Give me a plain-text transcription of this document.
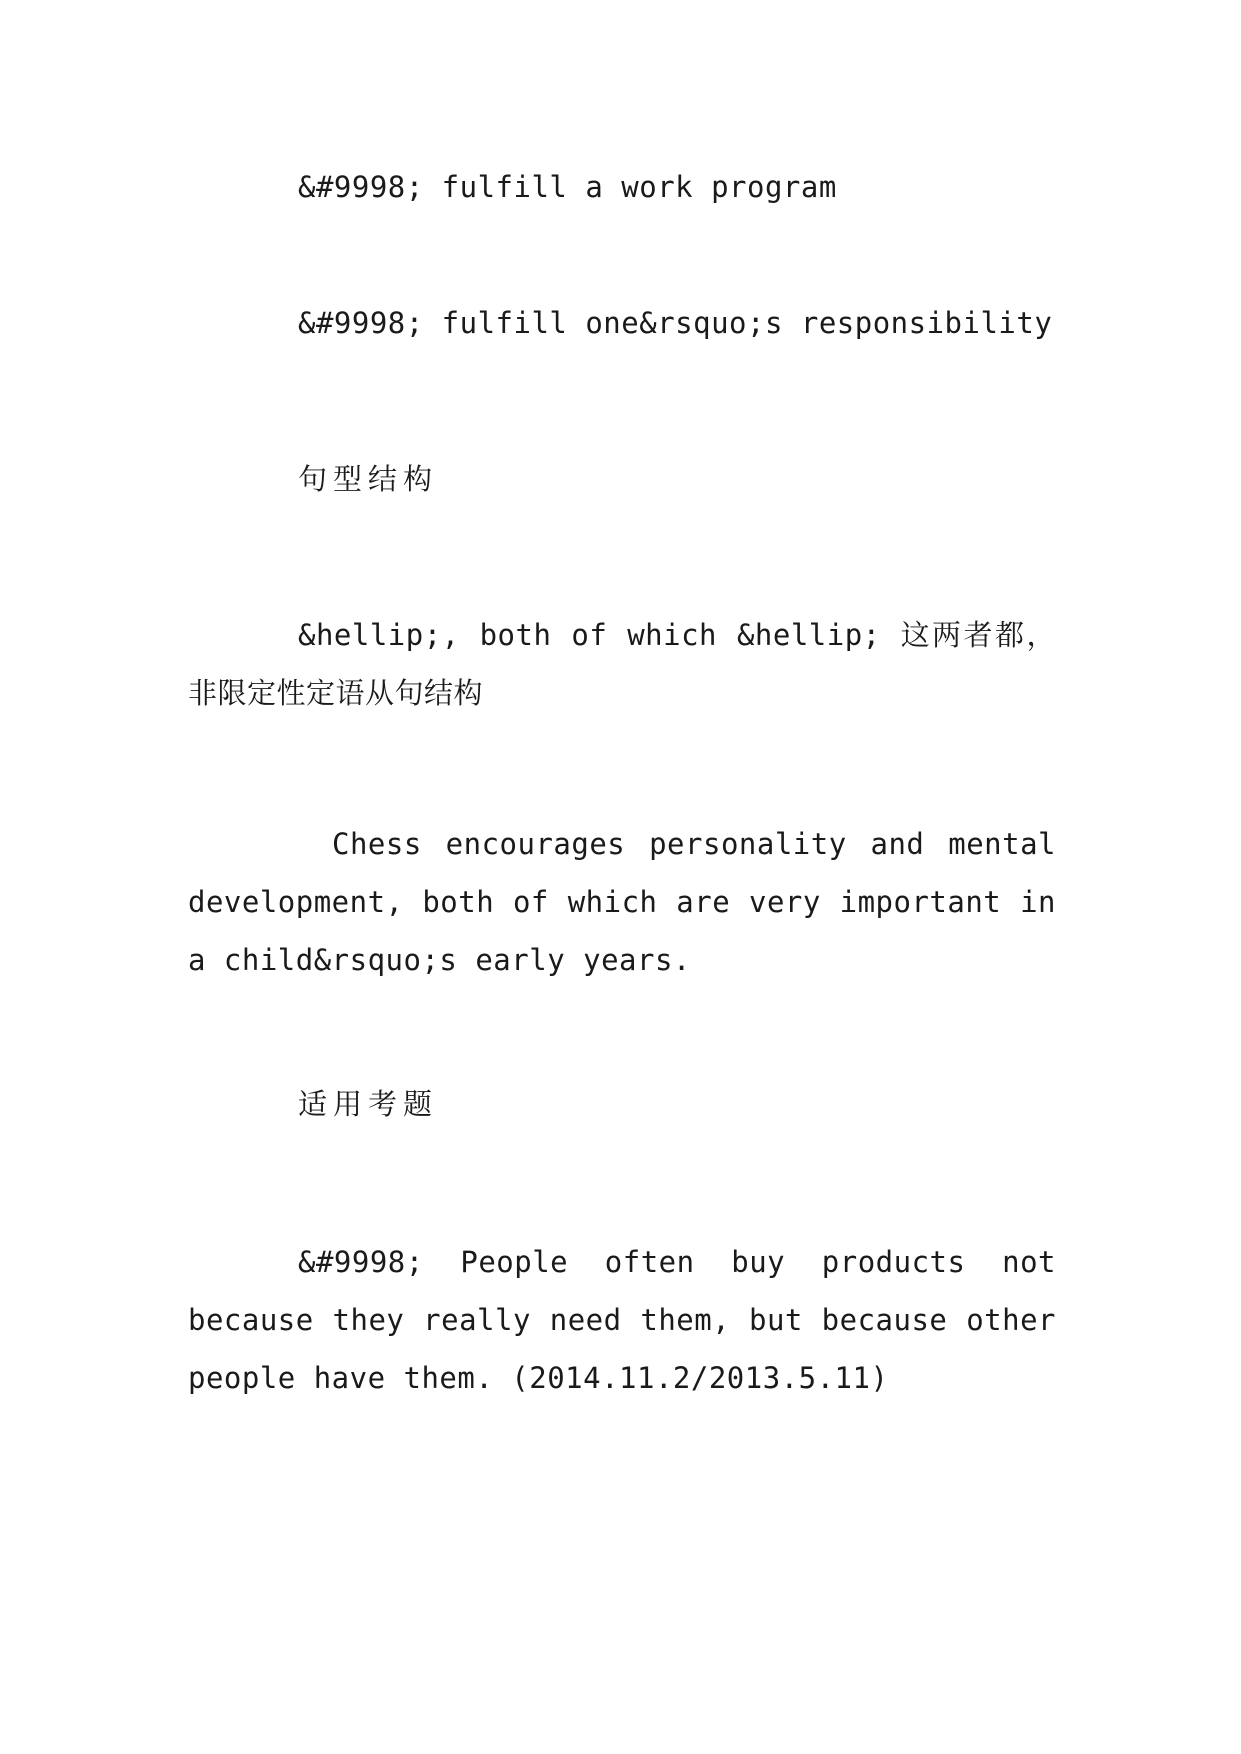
&#9998; fulfill a work program

&#9998; fulfill one&rsquo;s responsibility

句型结构

&hellip;, both of which &hellip; 这两者都，非限定性定语从句结构

Chess encourages personality and mental development, both of which are very important in a child&rsquo;s early years.

适用考题

&#9998; People often buy products not because they really need them, but because other people have them. (2014.11.2/2013.5.11)
